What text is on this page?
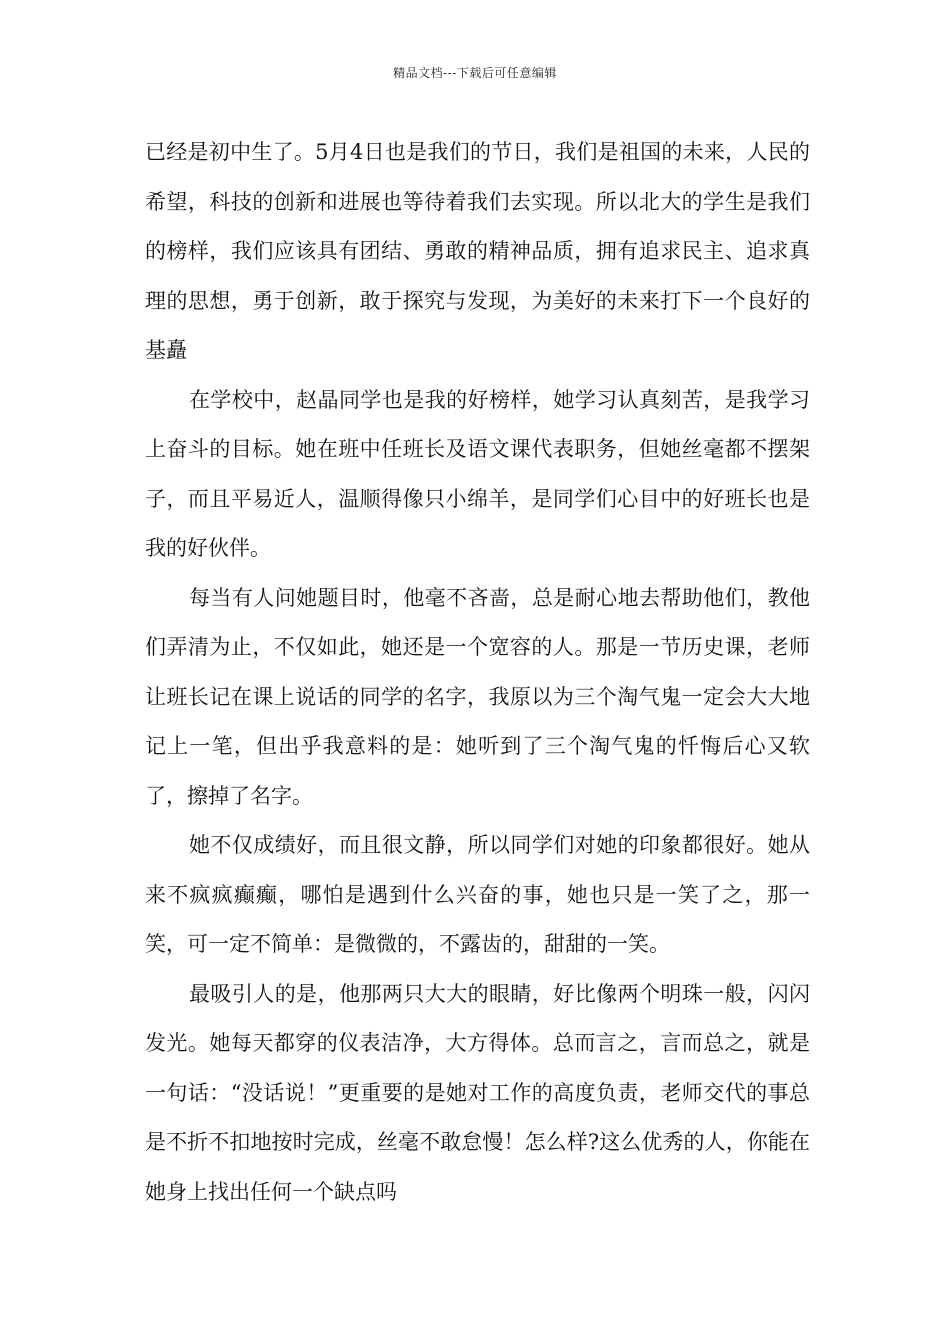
精品文档---下载后可任意编辑

已经是初中生了。5月4日也是我们的节日，我们是祖国的未来，人民的希望，科技的创新和进展也等待着我们去实现。所以北大的学生是我们的榜样，我们应该具有团结、勇敢的精神品质，拥有追求民主、追求真理的思想，勇于创新，敢于探究与发现，为美好的未来打下一个良好的基矗

在学校中，赵晶同学也是我的好榜样，她学习认真刻苦，是我学习上奋斗的目标。她在班中任班长及语文课代表职务，但她丝毫都不摆架子，而且平易近人，温顺得像只小绵羊，是同学们心目中的好班长也是我的好伙伴。

每当有人问她题目时，他毫不吝啬，总是耐心地去帮助他们，教他们弄清为止，不仅如此，她还是一个宽容的人。那是一节历史课，老师让班长记在课上说话的同学的名字，我原以为三个淘气鬼一定会大大地记上一笔，但出乎我意料的是：她听到了三个淘气鬼的忏悔后心又软了，擦掉了名字。

她不仅成绩好，而且很文静，所以同学们对她的印象都很好。她从来不疯疯癫癫，哪怕是遇到什么兴奋的事，她也只是一笑了之，那一笑，可一定不简单：是微微的，不露齿的，甜甜的一笑。

最吸引人的是，他那两只大大的眼睛，好比像两个明珠一般，闪闪发光。她每天都穿的仪表洁净，大方得体。总而言之，言而总之，就是一句话：“没话说！”更重要的是她对工作的高度负责，老师交代的事总是不折不扣地按时完成，丝毫不敢怠慢！怎么样?这么优秀的人，你能在她身上找出任何一个缺点吗
